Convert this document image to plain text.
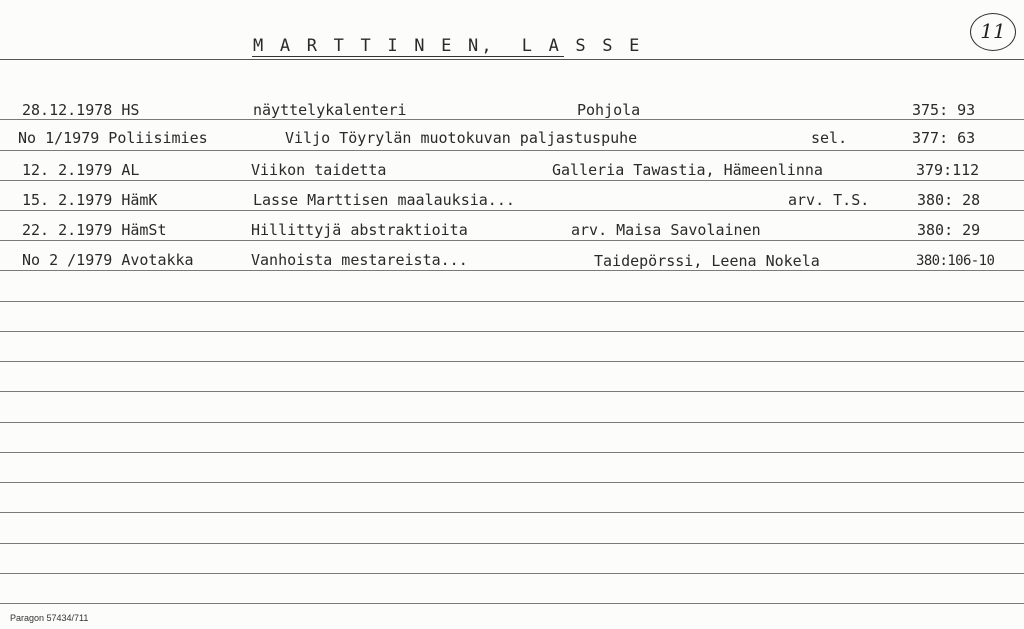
M A R T T I N E N,  L A S S E
11
28.12.1978 HS	näyttelykalenteri	Pohjola	375: 93
No 1/1979 Poliisimies	Viljo Töyrylän muotokuvan paljastuspuhe	sel.	377: 63
12. 2.1979 AL	Viikon taidetta	Galleria Tawastia, Hämeenlinna	379:112
15. 2.1979 HämK	Lasse Marttisen maalauksia...	arv. T.S.	380: 28
22. 2.1979 HämSt	Hillittyjä abstraktioita	arv. Maisa Savolainen	380: 29
No 2 /1979 Avotakka	Vanhoista mestareista...	Taidepörssi, Leena Nokela	380:106-10
Paragon 57434/711
